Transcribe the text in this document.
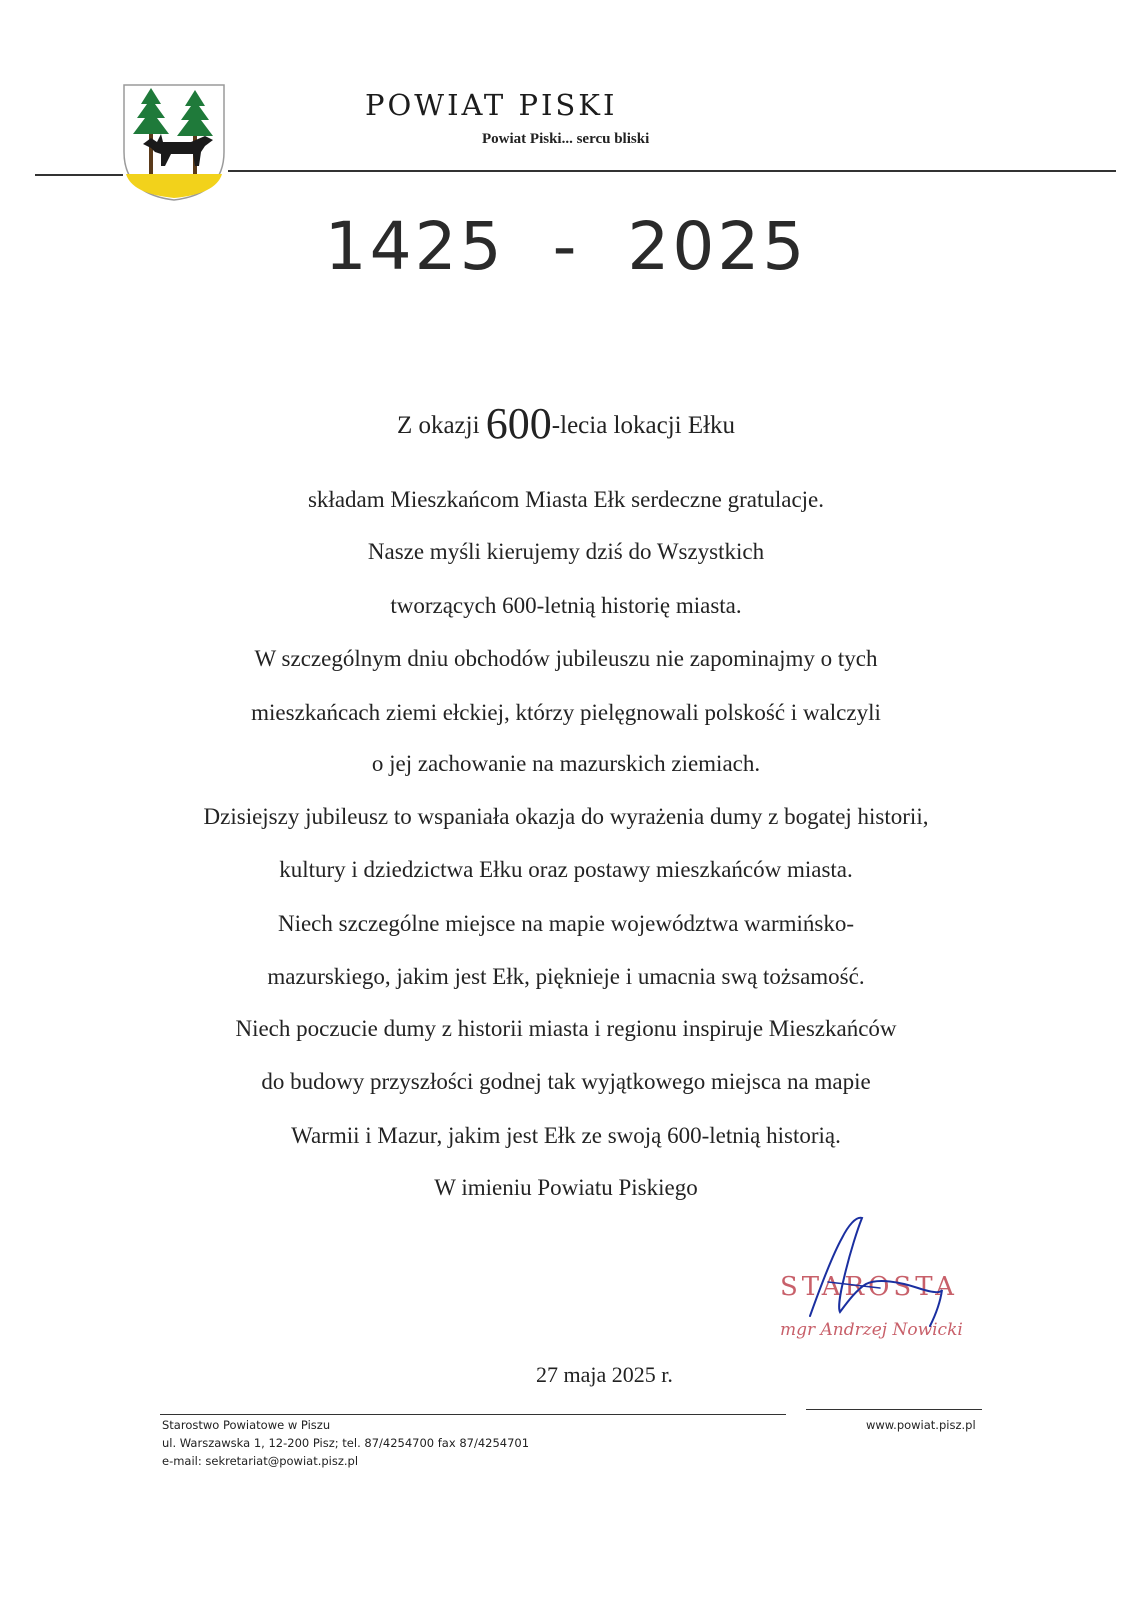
POWIAT PISKI

Powiat Piski... sercu bliski

1425  -  2025

Z okazji 600-lecia lokacji Ełku

składam Mieszkańcom Miasta Ełk serdeczne gratulacje.

Nasze myśli kierujemy dziś do Wszystkich

tworzących 600-letnią historię miasta.

W szczególnym dniu obchodów jubileuszu nie zapominajmy o tych

mieszkańcach ziemi ełckiej, którzy pielęgnowali polskość i walczyli

o jej zachowanie na mazurskich ziemiach.

Dzisiejszy jubileusz to wspaniała okazja do wyrażenia dumy z bogatej historii,

kultury i dziedzictwa Ełku oraz postawy mieszkańców miasta.

Niech szczególne miejsce na mapie województwa warmińsko-

mazurskiego, jakim jest Ełk, pięknieje i umacnia swą tożsamość.

Niech poczucie dumy z historii miasta i regionu inspiruje Mieszkańców

do budowy przyszłości godnej tak wyjątkowego miejsca na mapie

Warmii i Mazur, jakim jest Ełk ze swoją 600-letnią historią.

W imieniu Powiatu Piskiego

STAROSTA

mgr Andrzej Nowicki

27 maja 2025 r.

Starostwo Powiatowe w Piszu

ul. Warszawska 1, 12-200 Pisz; tel. 87/4254700 fax 87/4254701

e-mail: sekretariat@powiat.pisz.pl

www.powiat.pisz.pl
